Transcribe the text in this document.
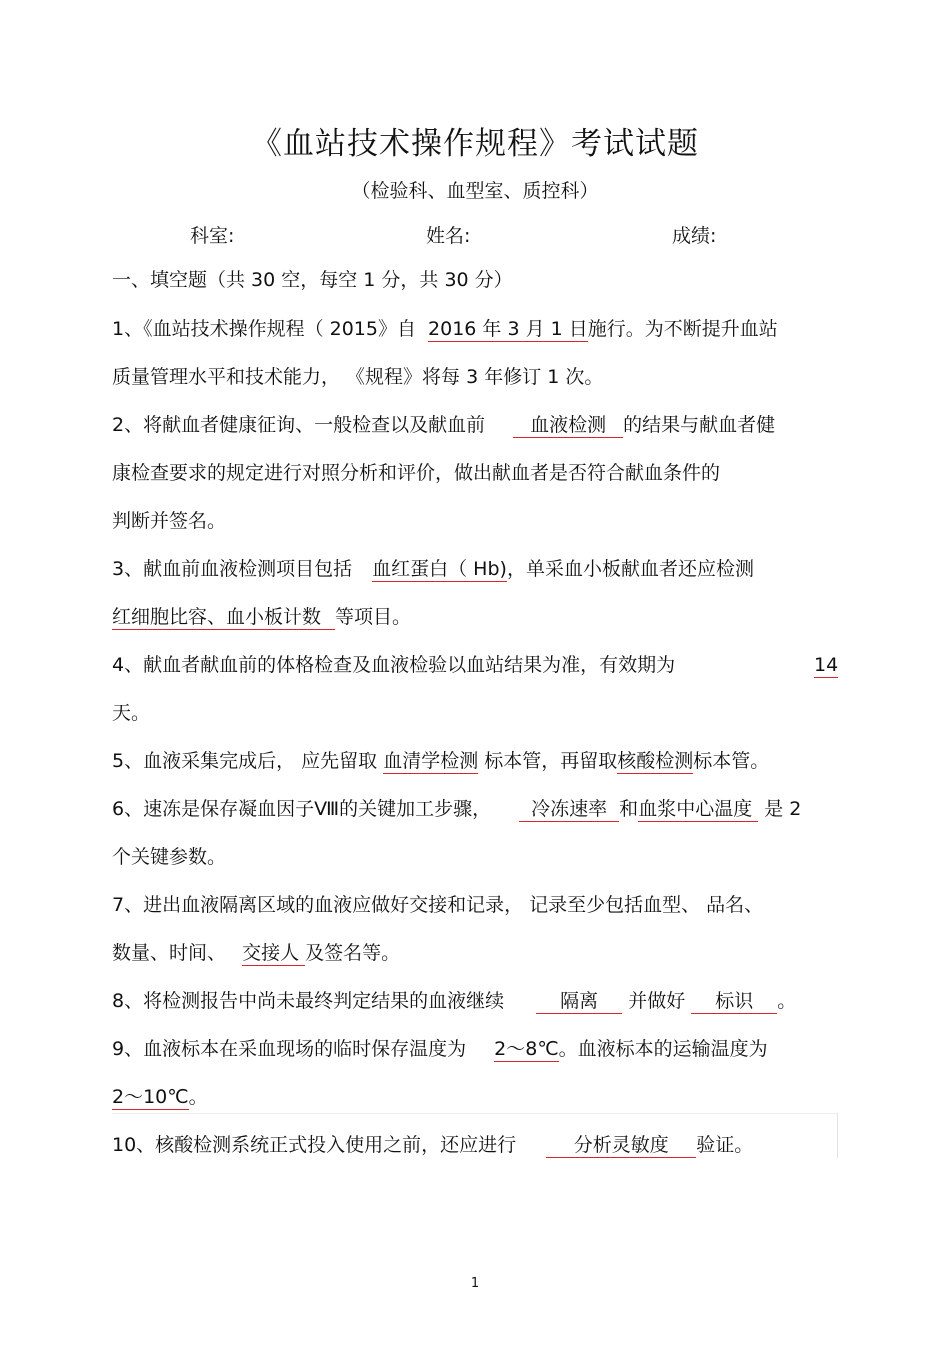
《血站技术操作规程》考试试题
（检验科、血型室、质控科）
科室:	姓名:	成绩:
一、填空题（共 30 空，每空 1 分，共 30 分）
1、《血站技术操作规程（ 2015》自 2016 年 3 月 1 日施行。为不断提升血站
质量管理水平和技术能力， 《规程》将每 3 年修订 1 次。
2、将献血者健康征询、一般检查以及献血前 血液检测 的结果与献血者健
康检查要求的规定进行对照分析和评价，做出献血者是否符合献血条件的
判断并签名。
3、献血前血液检测项目包括 血红蛋白（ Hb)，单采血小板献血者还应检测
红细胞比容、血小板计数 等项目。
4、献血者献血前的体格检查及血液检验以血站结果为准，有效期为	14
天。
5、血液采集完成后， 应先留取 血清学检测 标本管，再留取核酸检测标本管。
6、速冻是保存凝血因子Ⅷ的关键加工步骤， 冷冻速率 和血浆中心温度 是 2
个关键参数。
7、进出血液隔离区域的血液应做好交接和记录， 记录至少包括血型、 品名、
数量、时间、 交接人 及签名等。
8、将检测报告中尚未最终判定结果的血液继续	隔离 并做好 标识 。
9、血液标本在采血现场的临时保存温度为 2～8℃。血液标本的运输温度为
2～10℃。
10、核酸检测系统正式投入使用之前，还应进行	分析灵敏度 验证。
1
